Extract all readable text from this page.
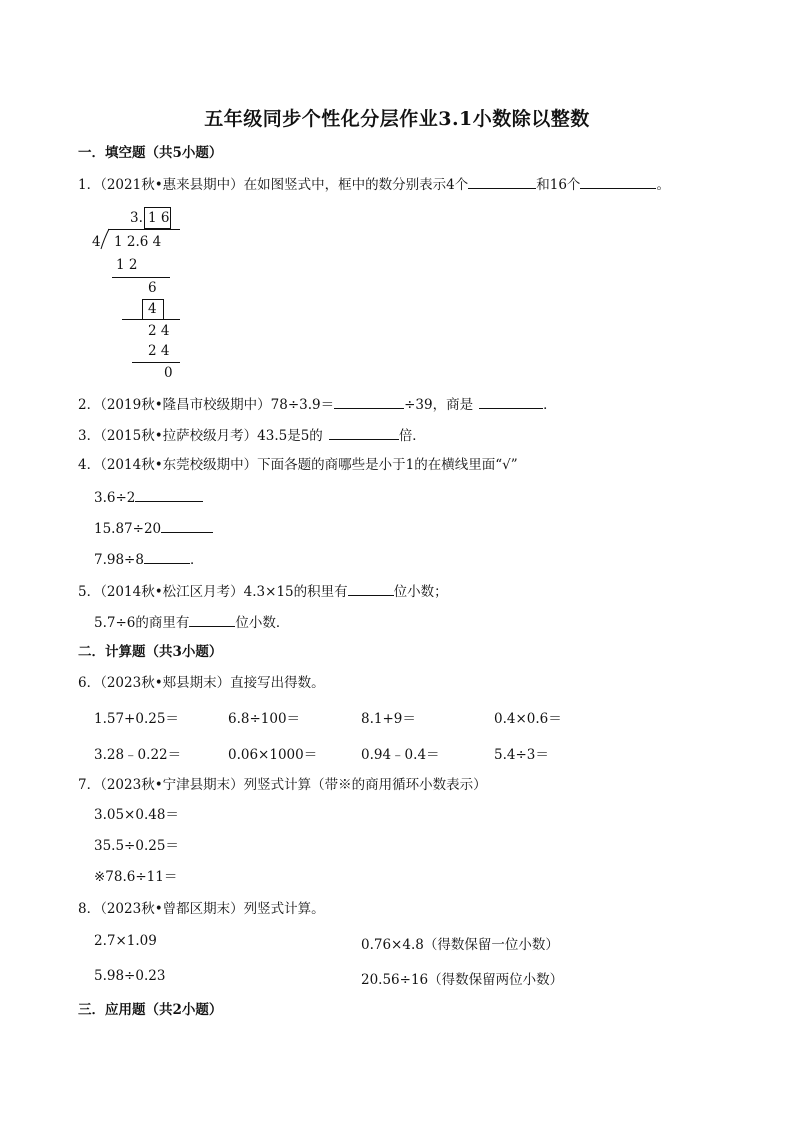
五年级同步个性化分层作业3.1小数除以整数
一．填空题（共5小题）
1．（2021秋•惠来县期中）在如图竖式中，框中的数分别表示4个	和16个	。
3. 1 6
4 1 2.6 4
1 2
6
4
2 4
2 4
0
2．（2019秋•隆昌市校级期中）78÷3.9＝	÷39，商是	．
3．（2015秋•拉萨校级月考）43.5是5的	倍．
4．（2014秋•东莞校级期中）下面各题的商哪些是小于1的在横线里面“√”
3.6÷2
15.87÷20
7.98÷8	．
5．（2014秋•松江区月考）4.3×15的积里有	位小数；
5.7÷6的商里有	位小数．
二．计算题（共3小题）
6．（2023秋•郏县期末）直接写出得数。
1.57+0.25＝	6.8÷100＝	8.1+9＝	0.4×0.6＝
3.28﹣0.22＝	0.06×1000＝	0.94﹣0.4＝	5.4÷3＝
7．（2023秋•宁津县期末）列竖式计算（带※的商用循环小数表示）
3.05×0.48＝
35.5÷0.25＝
※78.6÷11＝
8．（2023秋•曾都区期末）列竖式计算。
2.7×1.09	0.76×4.8（得数保留一位小数）
5.98÷0.23	20.56÷16（得数保留两位小数）
三．应用题（共2小题）
